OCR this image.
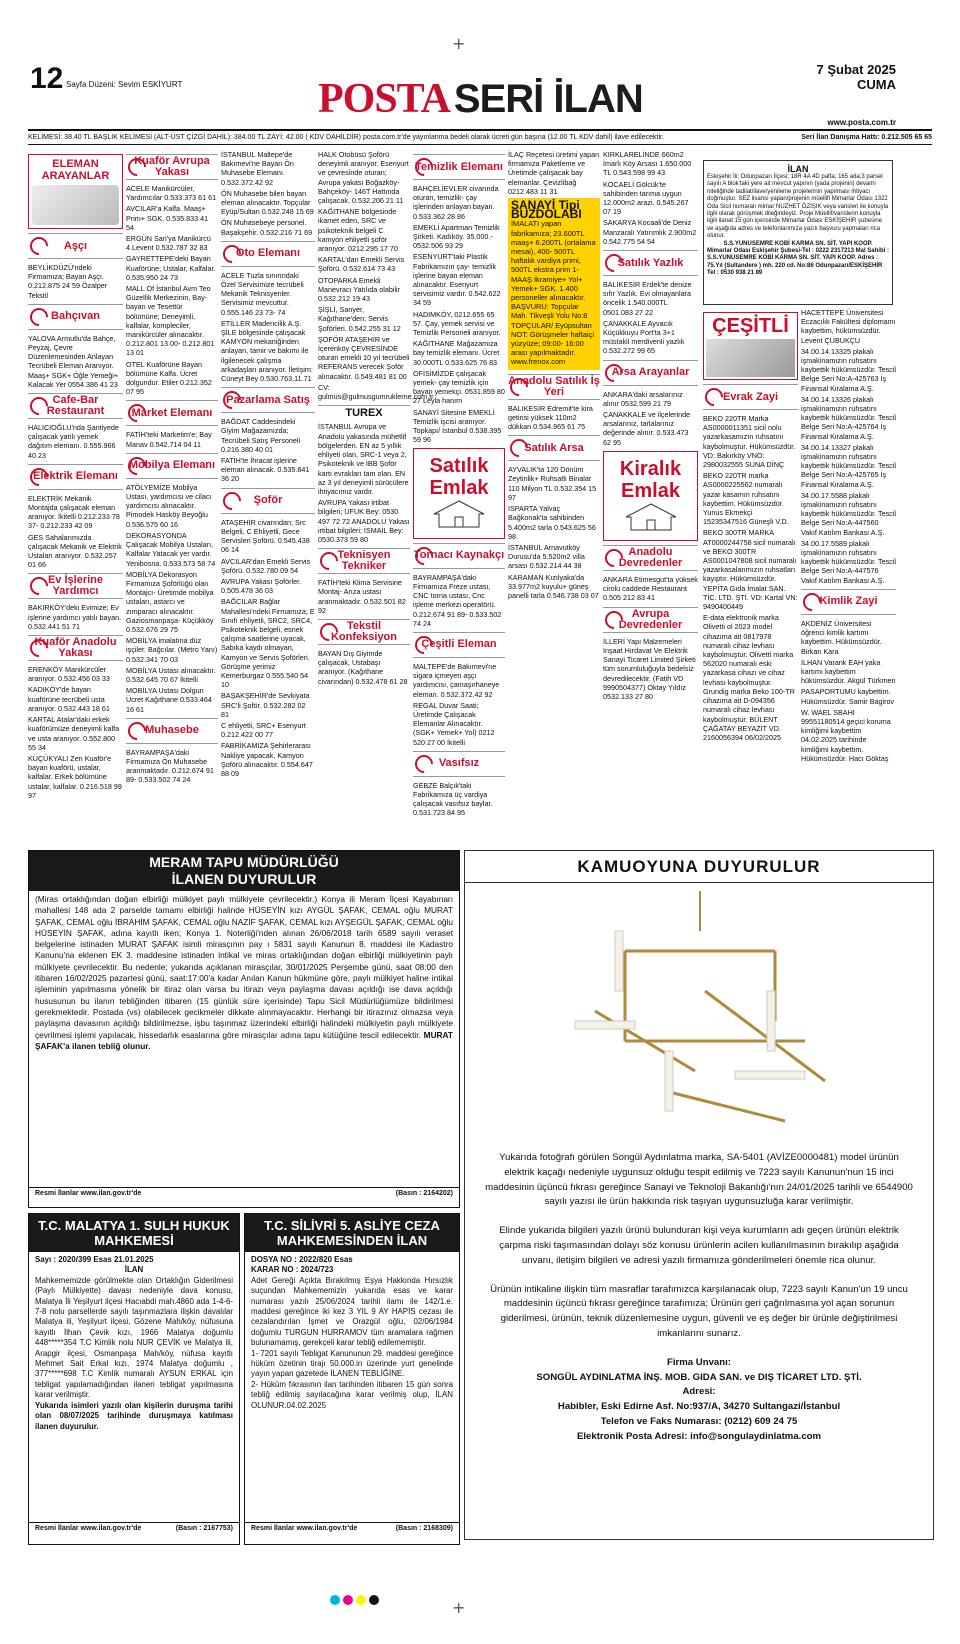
+
+
12 Sayfa Düzeni: Sevim ESKİYURT	POSTA SERİ İLAN
7 Şubat 2025
CUMA
www.posta.com.tr
KELİMESİ: 38.40 TL BAŞLIK KELİMESİ (ALT-ÜST ÇİZGİ DAHİL): 384.00 TL ZAYİ: 42.00 ( KDV DAHİLDİR) posta.com.tr'de yayınlanma bedeli olarak ücreti gün başına (12.00 TL KDV dahil) ilave edilecektir.	Seri İlan Danışma Hattı: 0.212.505 65 65
ELEMAN ARAYANLAR
Aşçı

BEYLİKDÜZÜ'ndeki Firmamıza; Bayan Aşçı. 0.212.875 24 59 Özalper Tekstil

Bahçıvan

YALOVA Armutlu'da Bahçe, Peyzaj, Çevre Düzenlemesinden Anlayan Tecrübeli Eleman Aranıyor. Maaş+ SGK+ Öğle Yemeği+ Kalacak Yer 0554.386 41 23

Cafe-Bar Restaurant

HALICIOĞLU'nda Şantiyede çalışacak yatılı yemek dağıtım elemanı. 0.555.966 40 23

Elektrik Elemanı

ELEKTRİK Mekanik Montajda çalışacak eleman aranıyor. İkitelli 0.212.233 78 37- 0.212.233 42 09

GES Sahalarımızda çalışacak Mekanik ve Elektrik Ustaları aranıyor. 0.532.257 01 66

Ev İşlerine Yardımcı

BAKIRKÖY'deki Evimize; Ev işlerine yardımcı yatılı bayan. 0.532.441 51 71

Kuaför Anadolu Yakası

ERENKÖY Manikürcüler aranıyor. 0.532.456 03 33

KADIKÖY'de bayan kuaförüne tecrübeli usta aranıyor. 0.532.443 18 61

KARTAL Atalar'daki erkek kuaförümüze deneyimli kalfa ve usta aranıyor. 0.552.800 55 34

KÜÇÜKYALI Zen Kuaför'e bayan kuaförü, ustalar, kalfalar. Erkek bölümüne ustalar, kalfalar. 0.216.518 99 97

Kuaför Avrupa Yakası

ACELE Manikürcüler, Yardımcılar 0.533.373 61 61

AVCILAR'a Kalfa. Maaş+ Prim+ SGK. 0.535.833 41 54

ERGÜN San'ya Manikürcü 4.Levent 0.532.787 32 83

GAYRETTEPE'deki Bayan Kuaförüne; Ustalar, Kalfalar. 0.535.950 24 73

MALL Of İstanbul Avm Teo Güzellik Merkezinin, Bay- bayan ve Tesettür bölümüne; Deneyimli, kalfalar, kompleciler, manikürcüler alınacaktır. 0.212.801 13 00- 0.212.801 13 01

OTEL Kuaförüne Bayan bölümüne Kalfa. Ücret dolgundur. Etiler 0.212.352 07 95

Market Elemanı

FATİH'teki Marketim'e; Bay Manav 0.542.714 04 11

Mobilya Elemanı

ATÖLYEMİZE Mobilya Ustası, yardımcısı ve cilacı yardımcısı alınacaktır. Pimodek Hasköy Beyoğlu 0.536.575 60 16

DEKORASYONDA Çalışacak Mobilya Ustaları, Kalfalar Yatacak yer vardır. Yenibosna. 0.533.573 58 74

MOBİLYA Dekorasyon Firmamıza Şoförlüğü olan Montajcı- Üretimde mobilya ustaları, astarcı ve zımparacı alınacaktır. Gaziosmanpaşa- Küçükköy 0.532.676 29 75

MOBİLYA imalatına düz işçiler. Bağcılar. (Metro Yanı) 0.532.341 70 03

MOBİLYA Ustası alınacaktır. 0.532.645 70 67 İkitelli

MOBİLYA Ustası Dolgun Ücret Kağıthane 0.533.464 16 61

Muhasebe

BAYRAMPAŞA'daki Firmamıza Ön Muhasebe aranmaktadır. 0.212.674 91 89- 0.533.502 74 24

İSTANBUL Maltepe'de Bakımevi'ne Bayan Ön Muhasebe Elemanı. 0.532.372.42 92

ÖN Muhasebe bilen bayan eleman alınacaktır. Topçular Eyüp/Sultan 0.532.248 15 69

ÖN Muhasebeye personel. Başakşehir. 0.532.216 71 69

Oto Elemanı

ACELE Tuzla sınırındaki Özel Servisimize tecrübeli Mekanik Teknisyenler. Servisimiz mevcuttur. 0.555.146 23 73- 74

ETİLLER Madencilik A.Ş. ŞİLE bölgesinde çalışacak KAMYON mekaniğinden anlayan, tamir ve bakımı ile ilgilenecek çalışma arkadaşları aranıyor. İletişim: Cüneyt Bey 0.530.763.11.71

Pazarlama Satış

BAĞDAT Caddesindeki Giyim Mağazamızda; Tecrübeli Satış Personeli 0.216.380 40 01

FATİH'te İhracat işlerine eleman alınacak. 0.535.841 36 20

Şoför

ATAŞEHİR civarından; Src Belgeli, C Ehliyetli, Gece Servisleri Şoförü. 0.545.438 06 14

AVCILAR'dan Emekli Servis Şoförü. 0.532.780 09 54

AVRUPA Yakası Şoförler. 0.505.478 36 03

BAĞCILAR Bağlar Mahallesi'ndeki Firmamıza; E Sınıfı ehliyetli, SRC2, SRC4, Psikoteknik belgeli, esnek çalışma saatlerine uyacak, Sabıka kaydı olmayan, Kamyon ve Servis Şoförleri. Görüşme yerimiz Kemerburgaz 0.555.540 54 10

BAŞAKŞEHİR'de Sevkiyata SRC'li Şoför. 0.532.282 02 81

C ehliyetli, SRC+ Esenyurt 0.212.422 00 77

FABRİKAMIZA Şehirlerarası Nakliye yapacak, Kamyon Şoförü alınacaktır. 0.554.647 88 09

HALK Otobüsü Şoförü deneyimli aranıyor. Esenyurt ve çevresinde oturan; Avrupa yakası Boğazköy- Bahçeköy- 146T Hattında çalışacak. 0.532.206 21 11

KAĞITHANE bölgesinde ikamet eden, SRC ve psikoteknik belgeli C kamyon ehliyetli şoför aranıyor. 0212.295 17 70

KARTAL'dan Emekli Servis Şoförü. 0.532.614 73 43

OTOPARKA Emekli Manevracı Yatılıda olabilir 0.532.212 19 43

ŞİŞLİ, Sanyer, Kağıthane'den; Servis Şoförleri. 0.542.255 31 12

ŞOFÖR ATAŞEHİR ve İçerenköy ÇEVRESİNDE oturan emekli 10 yıl tecrübeli REFERANS verecek Şoför alınacaktır. 0.549.481 81 00

CV: gulmus@gulmusgumruklerne.com.tr

TUREX

İSTANBUL Avrupa ve Anadolu yakasında mühetlif bölgelerden. EN az 5 yıllık ehliyeti olan, SRC-1 veya 2, Psikoteknik ve İBB Şoför kartı evrakları tam olan. EN az 3 yıl deneyimli sürücülere ihtiyacımız vardır.

AVRUPA Yakası irtibat bilgileri; UFUK Bey: 0530 497 72 72 ANADOLU Yakası irtibat bilgileri; İSMAİL Bey: 0530.373 59 80

Teknisyen Tekniker

FATİH'teki Klima Servisine Montaj- Arıza ustası aranmaktadır. 0.532.501 82 92

Tekstil Konfeksiyon

BAYAN Dış Giyimde çalışacak, Ustabaşı aranıyor. (Kağıthane civarından) 0.532.478 61 28

Temizlik Elemanı

BAHÇELİEVLER civarında oturan, temizlik- çay işlerinden anlayan bayan. 0.533.362 28 86

EMEKLİ Apartman Temizlik Şirketi. Kadıköy. 35.000.- 0532.506 93 29

ESENYURT'taki Plastik Fabrikamızın çay- temizlik işlerine bayan eleman alınacaktır. Esenyurt servisimiz vardır. 0.542.622 34 59

HADIMKÖY, 0212.655 65 57. Çay, yemek servisi ve Temizlik Personeli aranıyor.

KAĞITHANE Mağazamıza bay temizlik elemanı. Ücret 30.000TL 0.533.625 76 83

OFİSİMİZDE çalışacak yemek- çay temizlik için bayan yemekçi. 0531.859 80 27 Leyla hanım

SANAYİ Sitesine EMEKLİ Temizlik işcisi aranıyor. Topkapı/ İstanbul 0.538.395 59 96

Satılık Emlak
Tornacı Kaynakçı

BAYRAMPAŞA'daki Firmamıza Freze ustası, CNC torna ustası, Cnc işleme merkezi operatörü. 0.212.674 91 89- 0.533.502 74 24

Çeşitli Eleman

MALTEPE'de Bakımevi'ne sigara içmeyen aşçı yardımcısı, çamaşırhaneye eleman. 0.532.372.42 92

REGAL Duvar Saati; Üretimde Çalışacak Elemanlar Alınacaktır. (SGK+ Yemek+ Yol) 0212 520 27 00 İkitelli

Vasıfsız

GEBZE Balçık'taki Fabrikamıza üç vardiya çalışacak vasıfsız baylar. 0.531.723 84 95

İLAÇ Reçetesi üretimi yapan firmamıza Paketleme ve Üretimde çalışacak bay elemanlar. Çevizlibağ 0212.483 11 31

SANAYİ Tipi BUZDOLABI
İMALATI yapan fabrikamıza; 23.600TL maaş+ 6.200TL (ortalama mesai), 400- 500TL haftalık vardiya primi, 500TL ekstra prim 1-MAAŞ İkramiye+ Yol+ Yemek+ SGK. 1.400 personeller alınacaktır. BAŞVURU: Topçular Mah. Tikveşli Yolu No:8 TOPÇULAR/ Eyüpsultan NOT: Görüşmeler haftaiçi yüzyüze; 09:00- 16:00 arası yapılmaktadır. www.frenox.com
Anadolu Satılık İş Yeri

BALIKESİR Edremit'te kira getirisi yüksek 110m2 dükkan 0.534.965 61 75

Satılık Arsa

AYVALIK'ta 120 Dönüm Zeytinlik+ Ruhsatlı Binalar 110 Milyon TL 0.532.354 15 97

ISPARTA Yalvaç Bağkonak'ta sahibinden 5.400m2 tarla 0.543.625 56 98

İSTANBUL Arnavutköy Durusu'da 5.520m2 villa arsası 0.532.214 44 38

KARAMAN Kızılyaka'da 33.977m2 kuyulu+ güneş panelli tarla 0.546.738 03 07

KIRKLARELİNDE 660m2 İmarlı Köy Arsası 1.650.000 TL 0.543.598 99 43

KOCAELİ Gölcük'te sahibinden tarıma uygun 12.000m2 arazi. 0.545.267 07 19

SAKARYA Kocaali'de Deniz Manzaralı Yatırımlık 2.900m2 0.542.775 54 54

Satılık Yazlık

BALIKESİR Erdek'te denize sıfır Yazlık. Evi olmayanlara öncelik 1.540.000TL 0501.083 27 22

ÇANAKKALE Ayvacık Küçükkuyu Port'ta 3+1 müstakil merdivenli yazlık 0.532.272 99 65

Arsa Arayanlar

ANKARA'daki arsalarınız alınır 0532.599 21 79

ÇANAKKALE ve ilçelerinde arsalarınız, tarlalarınız değerinde alınır. 0.533.473 62 95

Kiralık Emlak
Anadolu Devredenler

ANKARA Etimesgut'ta yüksek cirolu caddede Restaurant 0.505 212 83 41

Avrupa Devredenler

İLLERİ Yapı Malzemeleri İnşaat Hırdavat Ve Elektrik Sanayi Ticaret Limited Şirketi tüm sorumluluğuyla bedelsiz devredilecektir. (Fatih VD 9990504377) Oktay Yıldız 0532.133 27 80

İLAN
Eskişehir İli; Odunpazarı İlçesi; 18R 4A 4D pafta; 165 ada;3 parsel sayılı A blok'taki yere ait mevcut yapının (yada projenin) devamı niteliğinde tadilat/ilave/yenileme projelerinin yapılması ihtiyacı doğmuştur. SEZ lisansı yapan/projenin müellifi Mimarlar Odası 1322 Oda Sicil numaralı mimar NUZHET ÖZIŞIK veya varisleri ile konuyla ilgili olarak görüşmek dileğindeyiz. Proje Müellif/varislerin konuyla ilgili ilanat 15 gün içerisinde Mimarlar Odası ESKİŞEHİR şubesine ve aşağıda adres ve telefonlarımıza yazılı başvuru yapmaları rica olunur.
S.S.YUNUSEMRE KOBİ KARMA SN. SİT. YAPI KOOP.
Mimarlar Odası Eskişehir Şubesi-Tel : 0222 2317213 Mal Sahibi : S.S.YUNUSEMRE KOBİ KARMA SN. SİT. YAPI KOOP. Adres : 75.Yıl (Sultandere ) mh. 220 cd. No:86 Odunpazarı/ESKİŞEHİR Tel : 0530 938 21 89
ÇEŞİTLİ
Evrak Zayi

BEKO 220TR Marka AS0000011351 sicil nolu yazarkasamızın ruhsatını kaybolmuştur. Hükümsüzdür. VD: Bakırköy VNO: 2980032555 SUNA DİNÇ

BEKO 220TR marka AS0000225562 numaralı yazar kasamın ruhsatını kaybettim. Hükümsüzdür. Yunus Ekmekçi 15235347516 Güneşli V.D.

BEKO 300TR MARKA AT0000244758 sicil numaralı ve BEKO 300TR AS0001047808 sicil numaralı yazarkasalarımızın ruhsatları kayıptır. Hükümsüzdür. YEPİTA Gıda İmalat SAN. TİC. LTD. ŞTİ. VD: Kartal VN: 9490400449

E-data elektronik marka Olivetti ol 2023 model cihazıma ait 0817978 numaralı cihaz levhası kaybolmuştur. Olivetti marka 562020 numaralı eski yazarkasa cihazı ve cihaz levhası kaybolmuştur. Grundig marka Beko 100-TR cihazıma ait D-094356 numaralı cihaz levhası kaybolmuştur. BÜLENT ÇAĞATAY BEYAZIT VD. 2160056394 06/02/2025

HACETTEPE Üniversitesi Eczacılık Fakültesi diplomamı kaybettim, hükümsüzdür. Levent ÇUBUKÇU

34.00.14.13325 plakalı işmakinamızın ruhsatını kaybettik hükümsüzdür. Tescil Belge Seri No:A-425763 İş Finansal Kiralama A.Ş.

34.00.14.13326 plakalı işmakinamızın ruhsatını kaybettik hükümsüzdür. Tescil Belge Seri No:A-425764 İş Finansal Kiralama A.Ş.

34.00.14.13327 plakalı işmakinamızın ruhsatını kaybettik hükümsüzdür. Tescil Belge Seri No:A-425765 İş Finansal Kiralama A.Ş.

34.00.17.5588 plakalı işmakinamızın ruhsatını kaybettik hükümsüzdür. Tescil Belge Seri No:A-447560 Vakıf Katılım Bankası A.Ş.

34.00.17.5589 plakalı işmakinamızın ruhsatını kaybettik hükümsüzdür. Tescil Belge Seri No:A-447576 Vakıf Katılım Bankası A.Ş.

Kimlik Zayi

AKDENİZ Üniversitesi öğrenci kimlik kartımı kaybettim. Hükümsüzdür. Birkan Kara

İLHAN Varank EAH yaka kartımı kaybettim hükümsüzdür. Akgül Türkmen

PASAPORTUMU kaybettim. Hükümsüzdür. Samir Bagirov

W. WAEL SBAHI 99551180514 geçici koruma kimliğimi kaybettim 04.02.2025 tarihinde kimliğimi kaybettim. Hükümsüzdür. Hacı Göktaş

MERAM TAPU MÜDÜRLÜĞÜ
İLANEN DUYURULUR
(Miras ortaklığından doğan elbirliği mülkiyet paylı mülkiyete çevrilecektir.) Konya ili Meram İlçesi Kayabınarı mahallesi 148 ada 2 parselde tamamı elbirliği halinde HÜSEYİN kızı AYGÜL ŞAFAK, CEMAL oğlu MURAT ŞAFAK, CEMAL oğlu İBRAHİM ŞAFAK, CEMAL oğlu NAZİF ŞAFAK, CEMAL kızı AYŞEGÜL ŞAFAK, CEMAL oğlu HÜSEYİN ŞAFAK, adına kayıtlı iken; Konya 1. Noterliği'nden alınan 26/06/2018 tarih 6589 sayılı veraset belgelerine istinaden MURAT ŞAFAK isimli mirasçının pay ı 5831 sayılı Kanunun 8. maddesi ile Kadastro Kanunu'na eklenen EK 3. maddesine istinaden intikal ve miras ortaklığından doğan elbirliği mülkiyetinin paylı mülkiyete çevrilecektir. Bu nedenle; yukarıda açıklanan mirasçılar, 30/01/2025 Perşembe günü, saat 08:00 den itibaren 16/02/2025 pazartesi günü, saat:17:00'a kadar Anılan Kanun hükmüne göre, paylı mülkiyet haline intikal işleminin yapılmasına yönelik bir itiraz olan varsa bu itirazı veya paylaşma davası açıldığı ise dava açıldığı hususunun bu ilanın tebliğinden itibaren (15 günlük süre içerisinde) Tapu Sicil Müdürlüğümüze bildirilmesi gerekmektedir. Postada (vs) olabilecek gecikmeler dikkate alınmayacaktır. Herhangi bir itirazınız olmazsa veya paylaşma davasının açıldığı bildirilmezse, işbu taşınmaz üzerindeki elbirliği halindeki mülkiyetin paylı mülkiyete çevrilmesi işlemi yapılacak, hissedarlık esaslarına göre mirasçılar adına tapu kütüğüne tescil edilecektir. MURAT ŞAFAK'a ilanen tebliğ olunur.
Resmi İlanlar www.ilan.gov.tr'de	(Basın : 2164202)
T.C. MALATYA 1. SULH HUKUK MAHKEMESİ
Sayı : 2020/399 Esas 21.01.2025
İLAN
Mahkememizde görülmekte olan Ortaklığın Giderilmesi (Paylı Mülkiyette) davası nedeniyle dava konusu, Malatya İli Yeşilyurt ilçesi Hacıabdi mah.4860 ada 1-4-6-7-8 nolu parsellerde sayılı taşınmazlara ilişkin davalılar Malatya ili, Yeşilyurt ilçesi, Gözene Mah/köy, nüfusuna kayıtlı İlhan Çevik kızı, 1966 Malatya doğumlu 448*****354 T.C Kimlik nolu NUR ÇEVİK ve Malatya ili, Arapgir ilçesi, Osmanpaşa Mah/köy, nüfusa kayıtlı Mehmet Sait Erkal kızı, 1974 Malatya doğumlu , 377*****698 T.C Kimlik numaralı AYSUN ERKAL için tebligat yapılamadığından ilanen tebligat yapılmasına karar verilmiştir.
Yukarıda isimleri yazılı olan kişilerin duruşma tarihi olan 08/07/2025 tarihinde duruşmaya katılması ilanen duyurulur.
Resmi İlanlar www.ilan.gov.tr'de	(Basın : 2167753)
T.C. SİLİVRİ 5. ASLİYE CEZA MAHKEMESİNDEN İLAN
DOSYA NO : 2022/820 Esas
KARAR NO : 2024/723
Adet Gereği Açıkta Bırakılmış Eşya Hakkında Hırsızlık suçundan Mahkememizin yukarıda esas ve karar numarası yazılı 25/06/2024 tarihli ilamı ile 142/1.e. maddesi gereğince iki kez 3 YIL 9 AY HAPİS cezası ile cezalandırılan İşmet ve Orazgül oğlu, 02/06/1984 doğumlu TURGUN HURRAMOV tüm aramalara rağmen bulunamamış, gerekçeli karar tebliğ edilememiştir.
1- 7201 sayılı Tebligat Kanununun 29. maddesi gereğince hüküm özetinin tirajı 50.000.in üzerinde yurt genelinde yayın yapan gazetede İLANEN TEBLİĞİNE.
2- Hüküm fıkrasının ilan tarihinden itibaren 15 gün sonra tebliğ edilmiş sayılacağına karar verilmiş olup, İLAN OLUNUR.04.02.2025
Resmi İlanlar www.ilan.gov.tr'de	(Basın : 2168309)
KAMUOYUNA DUYURULUR
Yukarıda fotoğrafı görülen Songül Aydınlatma marka, SA-5401 (AVİZE0000481) model ürünün elektrik kaçağı nedeniyle uygunsuz olduğu tespit edilmiş ve 7223 sayılı Kanunun'nun 15 inci maddesinin üçüncü fıkrası gereğince Sanayi ve Teknoloji Bakanlığı'nın 24/01/2025 tarihli ve 6544900 sayılı yazısı ile ürün hakkında risk taşıyan uygunsuzluğa karar verilmiştir.
Elinde yukarıda bilgileri yazılı ürünü bulunduran kişi veya kurumların adı geçen ürünün elektrik çarpma riski taşımasından dolayı söz konusu ürünlerin acilen kullanılmasının bırakılıp aşağıda unvanı, iletişim bilgileri ve adresi yazılı firmamıza gönderilmeleri önemle rica olunur.
Ürünün intikaline ilişkin tüm masraflar tarafımızca karşılanacak olup, 7223 sayılı Kanun'un 19 uncu maddesinin üçüncü fıkrası gereğince tarafımıza; Ürünün geri çağrılmasına yol açan sorunun giderilmesi, ürünün, teknik düzenlemesine uygun, güvenli ve eş değer bir ürünle değiştirilmesi imkanlarını sunarız.
Firma Unvanı:
SONGÜL AYDINLATMA İNŞ. MOB. GIDA SAN. ve DIŞ TİCARET LTD. ŞTİ.
Adresi:
Habibler, Eski Edirne Asf. No:937/A, 34270 Sultangazi/İstanbul
Telefon ve Faks Numarası: (0212) 609 24 75
Elektronik Posta Adresi: info@songulaydinlatma.com
